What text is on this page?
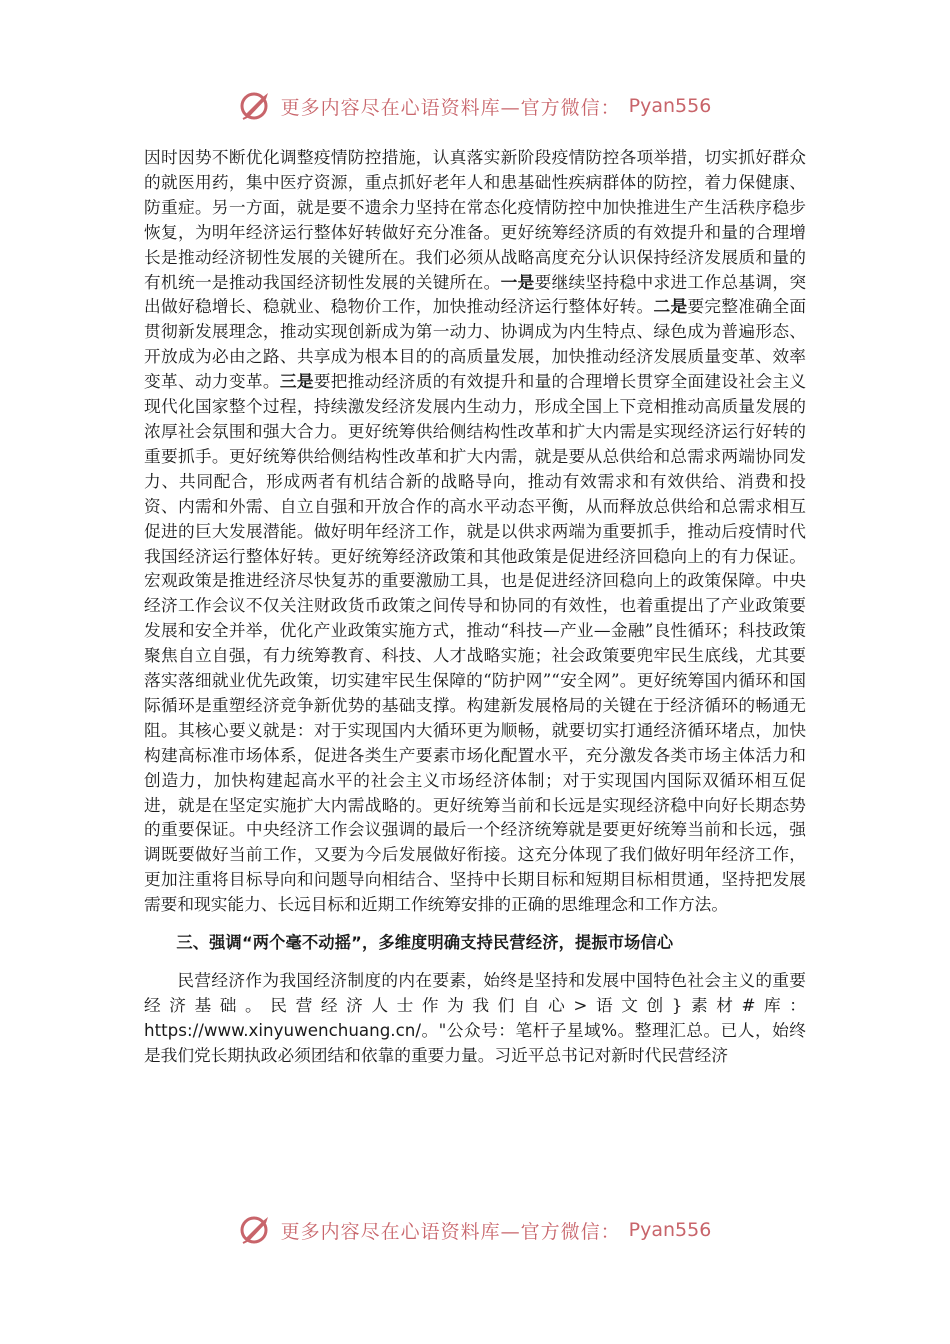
更多内容尽在心语资料库—官方微信： Pyan556

因时因势不断优化调整疫情防控措施，认真落实新阶段疫情防控各项举措，切实抓好群众的就医用药，集中医疗资源，重点抓好老年人和患基础性疾病群体的防控，着力保健康、防重症。另一方面，就是要不遗余力坚持在常态化疫情防控中加快推进生产生活秩序稳步恢复，为明年经济运行整体好转做好充分准备。更好统筹经济质的有效提升和量的合理增长是推动经济韧性发展的关键所在。我们必须从战略高度充分认识保持经济发展质和量的有机统一是推动我国经济韧性发展的关键所在。一是要继续坚持稳中求进工作总基调，突出做好稳增长、稳就业、稳物价工作，加快推动经济运行整体好转。二是要完整准确全面贯彻新发展理念，推动实现创新成为第一动力、协调成为内生特点、绿色成为普遍形态、开放成为必由之路、共享成为根本目的的高质量发展，加快推动经济发展质量变革、效率变革、动力变革。三是要把推动经济质的有效提升和量的合理增长贯穿全面建设社会主义现代化国家整个过程，持续激发经济发展内生动力，形成全国上下竞相推动高质量发展的浓厚社会氛围和强大合力。更好统筹供给侧结构性改革和扩大内需是实现经济运行好转的重要抓手。更好统筹供给侧结构性改革和扩大内需，就是要从总供给和总需求两端协同发力、共同配合，形成两者有机结合新的战略导向，推动有效需求和有效供给、消费和投资、内需和外需、自立自强和开放合作的高水平动态平衡，从而释放总供给和总需求相互促进的巨大发展潜能。做好明年经济工作，就是以供求两端为重要抓手，推动后疫情时代我国经济运行整体好转。更好统筹经济政策和其他政策是促进经济回稳向上的有力保证。宏观政策是推进经济尽快复苏的重要激励工具，也是促进经济回稳向上的政策保障。中央经济工作会议不仅关注财政货币政策之间传导和协同的有效性，也着重提出了产业政策要发展和安全并举，优化产业政策实施方式，推动“科技—产业—金融”良性循环；科技政策聚焦自立自强，有力统筹教育、科技、人才战略实施；社会政策要兜牢民生底线，尤其要落实落细就业优先政策，切实建牢民生保障的“防护网”“安全网”。更好统筹国内循环和国际循环是重塑经济竞争新优势的基础支撑。构建新发展格局的关键在于经济循环的畅通无阻。其核心要义就是：对于实现国内大循环更为顺畅，就要切实打通经济循环堵点，加快构建高标准市场体系，促进各类生产要素市场化配置水平，充分激发各类市场主体活力和创造力，加快构建起高水平的社会主义市场经济体制；对于实现国内国际双循环相互促进，就是在坚定实施扩大内需战略的。更好统筹当前和长远是实现经济稳中向好长期态势的重要保证。中央经济工作会议强调的最后一个经济统筹就是要更好统筹当前和长远，强调既要做好当前工作，又要为今后发展做好衔接。这充分体现了我们做好明年经济工作，更加注重将目标导向和问题导向相结合、坚持中长期目标和短期目标相贯通，坚持把发展需要和现实能力、长远目标和近期工作统筹安排的正确的思维理念和工作方法。

三、强调“两个毫不动摇”，多维度明确支持民营经济，提振市场信心

民营经济作为我国经济制度的内在要素，始终是坚持和发展中国特色社会主义的重要经济基础。民营经济人士作为我们自心>语文创}素材#库：https://www.xinyuwenchuang.cn/。"公众号：笔杆子星域%。整理汇总。已人，始终是我们党长期执政必须团结和依靠的重要力量。习近平总书记对新时代民营经济

更多内容尽在心语资料库—官方微信： Pyan556
